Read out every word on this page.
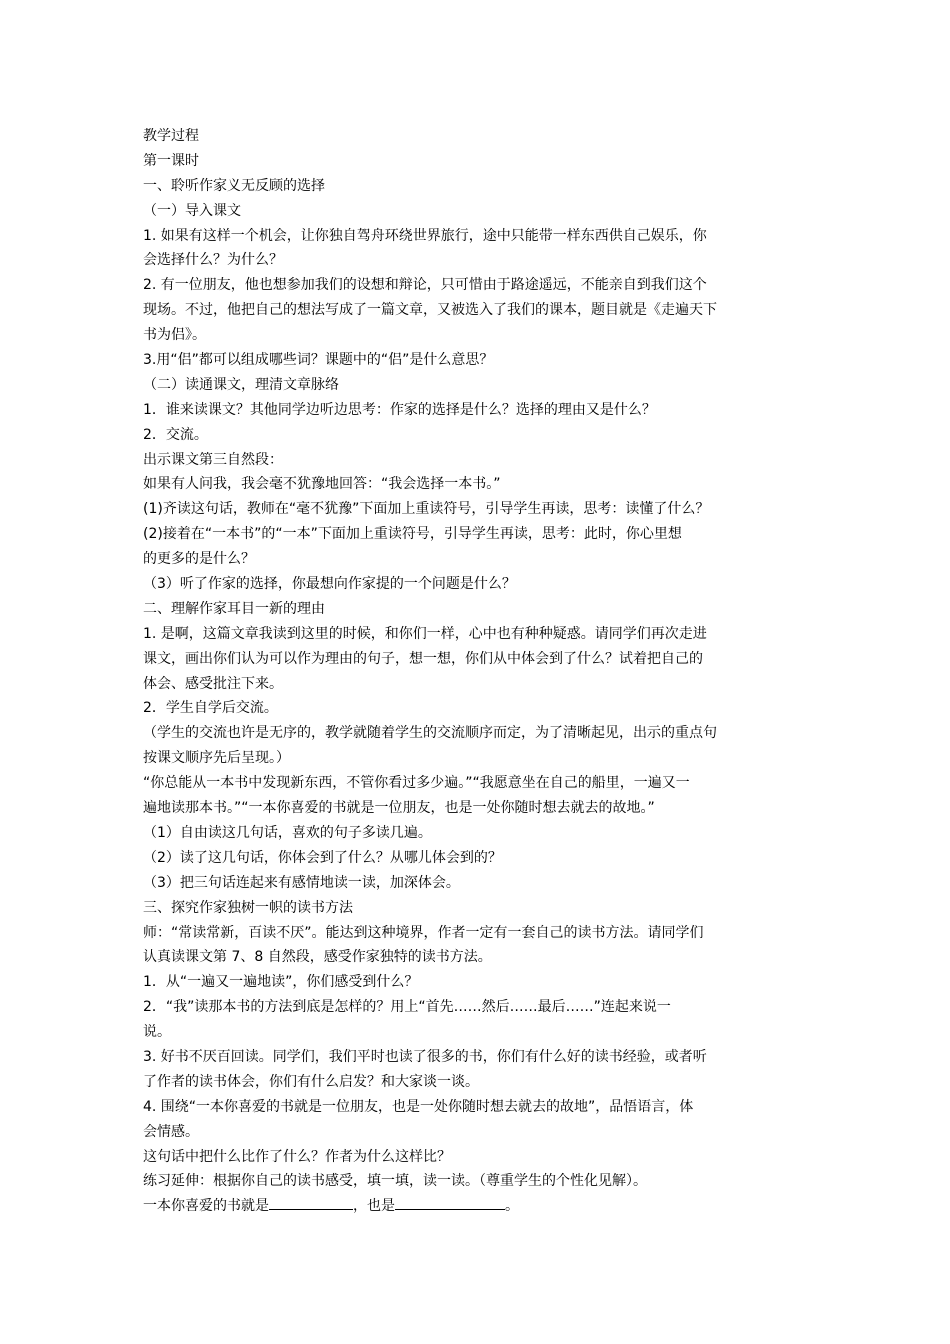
教学过程
第一课时
一、聆听作家义无反顾的选择
（一）导入课文
1. 如果有这样一个机会，让你独自驾舟环绕世界旅行，途中只能带一样东西供自己娱乐，你
会选择什么？为什么？
2. 有一位朋友，他也想参加我们的设想和辩论，只可惜由于路途遥远，不能亲自到我们这个
现场。不过，他把自己的想法写成了一篇文章，又被选入了我们的课本，题目就是《走遍天下
书为侣》。
3.用“侣”都可以组成哪些词？课题中的“侣”是什么意思？
（二）读通课文，理清文章脉络
1．谁来读课文？其他同学边听边思考：作家的选择是什么？选择的理由又是什么？
2．交流。
出示课文第三自然段：
如果有人问我，我会毫不犹豫地回答：“我会选择一本书。”
(1)齐读这句话，教师在“毫不犹豫”下面加上重读符号，引导学生再读，思考：读懂了什么？
(2)接着在“一本书”的“一本”下面加上重读符号，引导学生再读，思考：此时，你心里想
的更多的是什么？
（3）听了作家的选择，你最想向作家提的一个问题是什么？
二、理解作家耳目一新的理由
1. 是啊，这篇文章我读到这里的时候，和你们一样，心中也有种种疑惑。请同学们再次走进
课文，画出你们认为可以作为理由的句子，想一想，你们从中体会到了什么？试着把自己的
体会、感受批注下来。
2．学生自学后交流。
（学生的交流也许是无序的，教学就随着学生的交流顺序而定，为了清晰起见，出示的重点句
按课文顺序先后呈现。）
“你总能从一本书中发现新东西，不管你看过多少遍。”“我愿意坐在自己的船里，一遍又一
遍地读那本书。”“一本你喜爱的书就是一位朋友，也是一处你随时想去就去的故地。”
（1）自由读这几句话，喜欢的句子多读几遍。
（2）读了这几句话，你体会到了什么？从哪儿体会到的？
（3）把三句话连起来有感情地读一读，加深体会。
三、探究作家独树一帜的读书方法
师：“常读常新，百读不厌”。能达到这种境界，作者一定有一套自己的读书方法。请同学们
认真读课文第 7、8 自然段，感受作家独特的读书方法。
1．从“一遍又一遍地读”，你们感受到什么？
2．“我”读那本书的方法到底是怎样的？用上“首先……然后……最后……”连起来说一
说。
3. 好书不厌百回读。同学们，我们平时也读了很多的书，你们有什么好的读书经验，或者听
了作者的读书体会，你们有什么启发？和大家谈一谈。
4. 围绕“一本你喜爱的书就是一位朋友，也是一处你随时想去就去的故地”，品悟语言，体
会情感。
这句话中把什么比作了什么？作者为什么这样比？
练习延伸：根据你自己的读书感受，填一填，读一读。（尊重学生的个性化见解）。
一本你喜爱的书就是	，也是	。
